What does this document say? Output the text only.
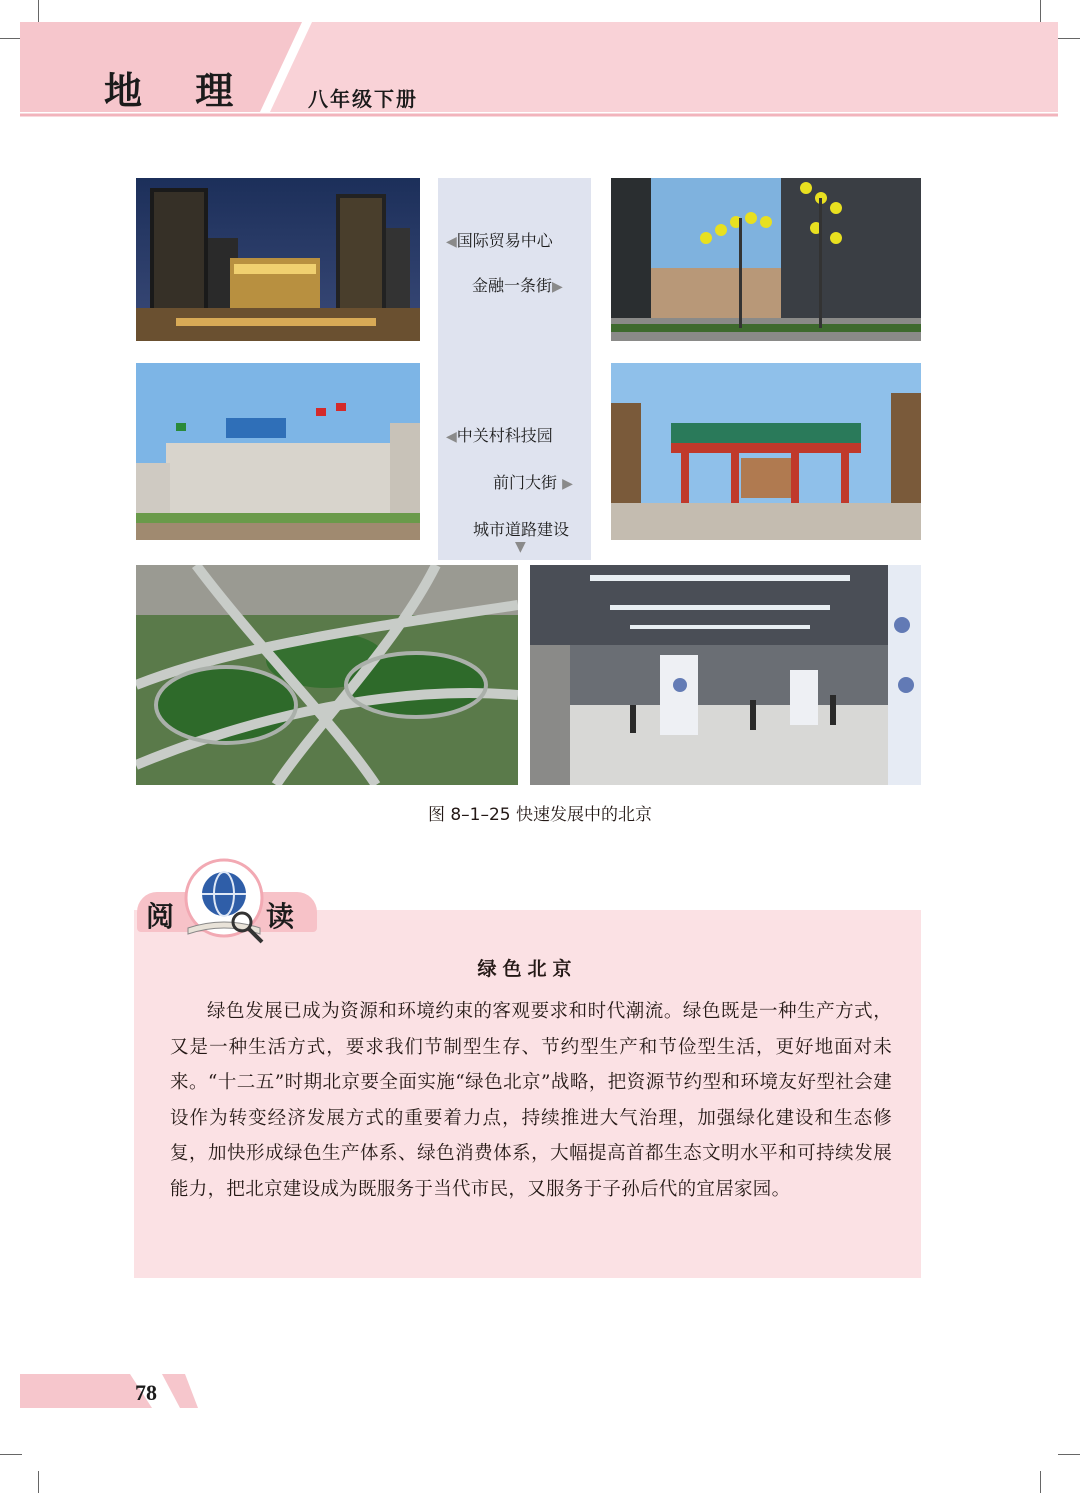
地 理	八年级下册
◀国际贸易中心
金融一条街▶
◀中关村科技园
前门大街 ▶
城市道路建设
▼
图 8–1–25 快速发展中的北京
阅	读
绿色北京
绿色发展已成为资源和环境约束的客观要求和时代潮流。绿色既是一种生产方式，又是一种生活方式，要求我们节制型生存、节约型生产和节俭型生活，更好地面对未来。“十二五”时期北京要全面实施“绿色北京”战略，把资源节约型和环境友好型社会建设作为转变经济发展方式的重要着力点，持续推进大气治理，加强绿化建设和生态修复，加快形成绿色生产体系、绿色消费体系，大幅提高首都生态文明水平和可持续发展能力，把北京建设成为既服务于当代市民，又服务于子孙后代的宜居家园。
78
